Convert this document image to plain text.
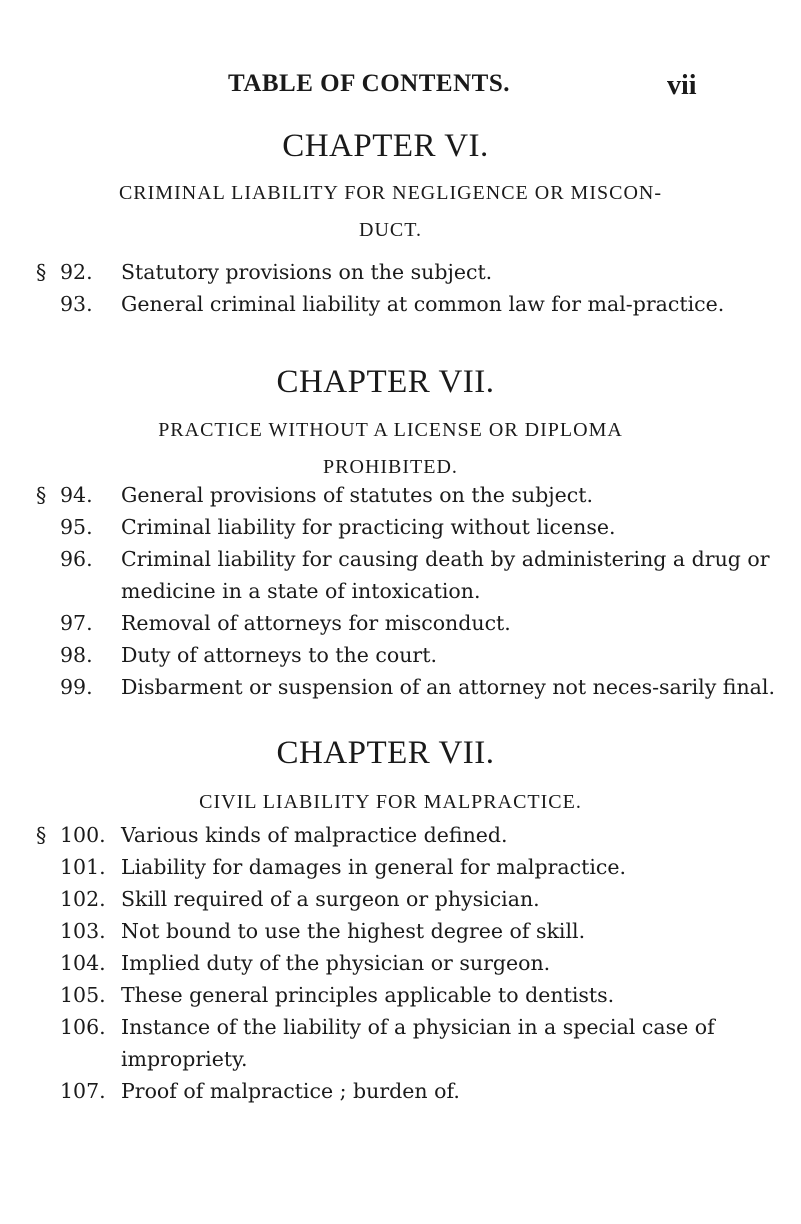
TABLE OF CONTENTS.	vii
CHAPTER VI.
CRIMINAL LIABILITY FOR NEGLIGENCE OR MISCON-
DUCT.
§ 92. Statutory provisions on the subject.
93. General criminal liability at common law for mal-practice.
CHAPTER VII.
PRACTICE WITHOUT A LICENSE OR DIPLOMA
PROHIBITED.
§ 94. General provisions of statutes on the subject.
95. Criminal liability for practicing without license.
96. Criminal liability for causing death by administering a drug or medicine in a state of intoxication.
97. Removal of attorneys for misconduct.
98. Duty of attorneys to the court.
99. Disbarment or suspension of an attorney not neces-sarily final.
CHAPTER VII.
CIVIL LIABILITY FOR MALPRACTICE.
§ 100. Various kinds of malpractice defined.
101. Liability for damages in general for malpractice.
102. Skill required of a surgeon or physician.
103. Not bound to use the highest degree of skill.
104. Implied duty of the physician or surgeon.
105. These general principles applicable to dentists.
106. Instance of the liability of a physician in a special case of impropriety.
107. Proof of malpractice ; burden of.
